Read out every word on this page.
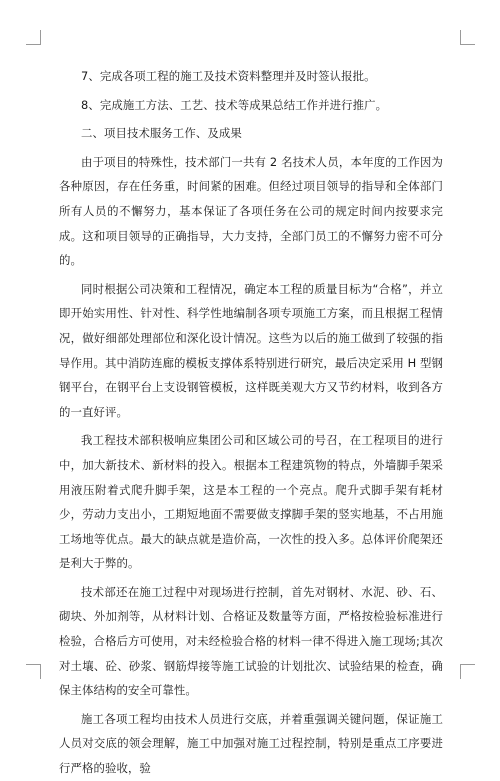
7、完成各项工程的施工及技术资料整理并及时签认报批。

8、完成施工方法、工艺、技术等成果总结工作并进行推广。

二、项目技术服务工作、及成果

由于项目的特殊性，技术部门一共有 2 名技术人员，本年度的工作因为各种原因，存在任务重，时间紧的困难。但经过项目领导的指导和全体部门所有人员的不懈努力，基本保证了各项任务在公司的规定时间内按要求完成。这和项目领导的正确指导，大力支持，全部门员工的不懈努力密不可分的。

同时根据公司决策和工程情况，确定本工程的质量目标为“合格”，并立即开始实用性、针对性、科学性地编制各项专项施工方案，而且根据工程情况，做好细部处理部位和深化设计情况。这些为以后的施工做到了较强的指导作用。其中消防连廊的模板支撑体系特别进行研究，最后决定采用 H 型钢钢平台，在钢平台上支设钢管模板，这样既美观大方又节约材料，收到各方的一直好评。

我工程技术部积极响应集团公司和区域公司的号召，在工程项目的进行中，加大新技术、新材料的投入。根据本工程建筑物的特点，外墙脚手架采用液压附着式爬升脚手架，这是本工程的一个亮点。爬升式脚手架有耗材少，劳动力支出小，工期短地面不需要做支撑脚手架的竖实地基，不占用施工场地等优点。最大的缺点就是造价高，一次性的投入多。总体评价爬架还是利大于弊的。

技术部还在施工过程中对现场进行控制，首先对钢材、水泥、砂、石、砌块、外加剂等，从材料计划、合格证及数量等方面，严格按检验标准进行检验，合格后方可使用，对未经检验合格的材料一律不得进入施工现场;其次对土壤、砼、砂浆、钢筋焊接等施工试验的计划批次、试验结果的检查，确保主体结构的安全可靠性。

施工各项工程均由技术人员进行交底，并着重强调关键问题，保证施工人员对交底的领会理解，施工中加强对施工过程控制，特别是重点工序要进行严格的验收，验
